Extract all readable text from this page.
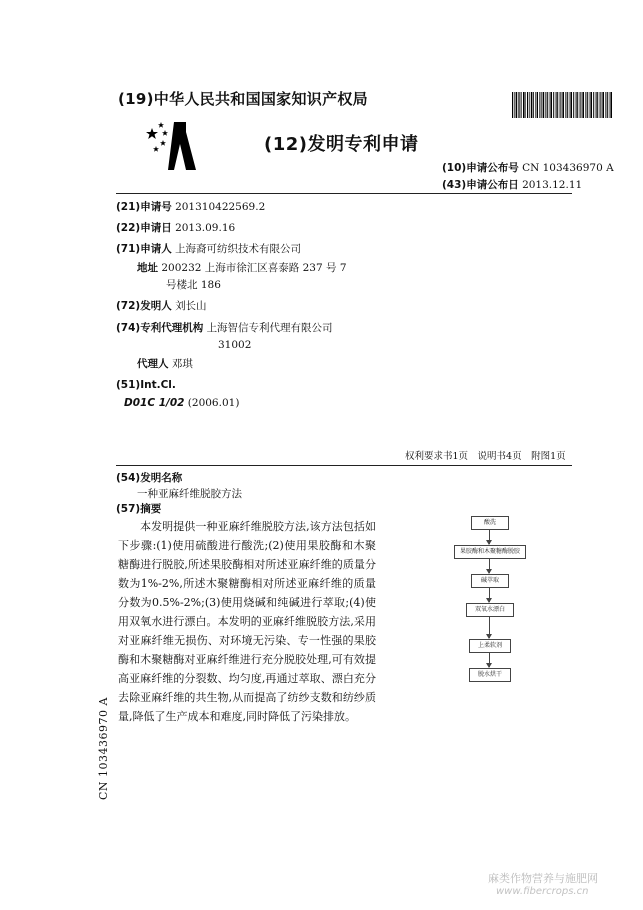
(19)中华人民共和国国家知识产权局
(12)发明专利申请
(10)申请公布号 CN 103436970 A
(43)申请公布日 2013.12.11
(21)申请号 201310422569.2
(22)申请日 2013.09.16
(71)申请人 上海裔可纺织技术有限公司
地址 200232 上海市徐汇区喜泰路 237 号 7
号楼北 186
(72)发明人 刘长山
(74)专利代理机构 上海智信专利代理有限公司
31002
代理人 邓琪
(51)Int.Cl.
D01C 1/02 (2006.01)
权利要求书1页　说明书4页　附图1页
(54)发明名称
一种亚麻纤维脱胶方法
(57)摘要
本发明提供一种亚麻纤维脱胶方法,该方法包括如下步骤:(1)使用硫酸进行酸洗;(2)使用果胶酶和木聚糖酶进行脱胶,所述果胶酶相对所述亚麻纤维的质量分数为1%-2%,所述木聚糖酶相对所述亚麻纤维的质量分数为0.5%-2%;(3)使用烧碱和纯碱进行萃取;(4)使用双氧水进行漂白。本发明的亚麻纤维脱胶方法,采用对亚麻纤维无损伤、对环境无污染、专一性强的果胶酶和木聚糖酶对亚麻纤维进行充分脱胶处理,可有效提高亚麻纤维的分裂数、均匀度,再通过萃取、漂白充分去除亚麻纤维的共生物,从而提高了纺纱支数和纺纱质量,降低了生产成本和难度,同时降低了污染排放。
酸洗
果胶酶和木聚糖酶脱胶
碱萃取
双氧水漂白
上柔软剂
脱水烘干
CN 103436970 A
麻类作物营养与施肥网
www.fibercrops.cn
